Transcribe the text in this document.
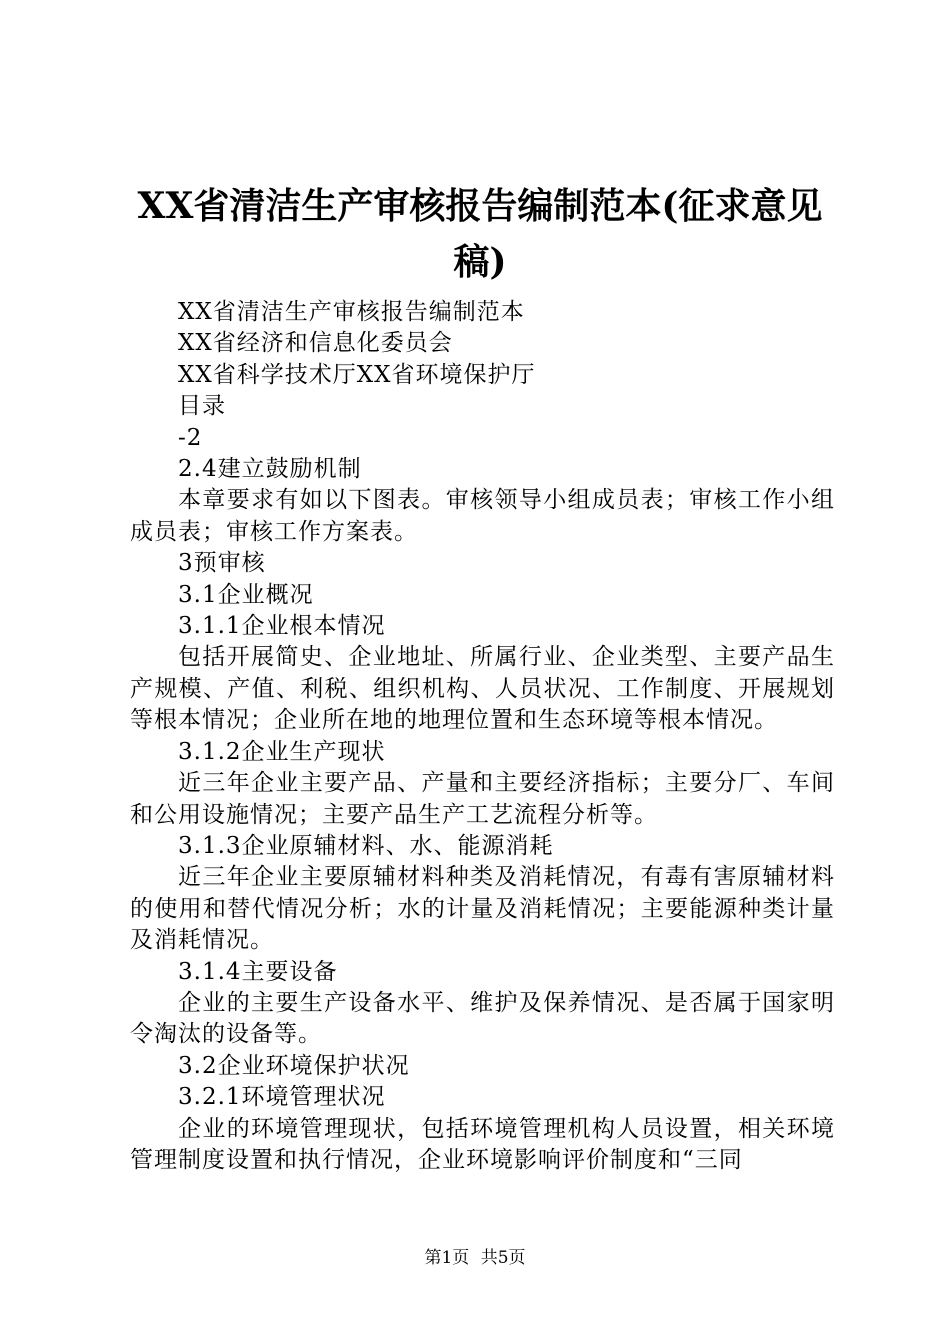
XX省清洁生产审核报告编制范本(征求意见稿)

XX省清洁生产审核报告编制范本

XX省经济和信息化委员会

XX省科学技术厅XX省环境保护厅

目录

-2

2.4建立鼓励机制

本章要求有如以下图表。审核领导小组成员表；审核工作小组成员表；审核工作方案表。

3预审核

3.1企业概况

3.1.1企业根本情况

包括开展简史、企业地址、所属行业、企业类型、主要产品生产规模、产值、利税、组织机构、人员状况、工作制度、开展规划等根本情况；企业所在地的地理位置和生态环境等根本情况。

3.1.2企业生产现状

近三年企业主要产品、产量和主要经济指标；主要分厂、车间和公用设施情况；主要产品生产工艺流程分析等。

3.1.3企业原辅材料、水、能源消耗

近三年企业主要原辅材料种类及消耗情况，有毒有害原辅材料的使用和替代情况分析；水的计量及消耗情况；主要能源种类计量及消耗情况。

3.1.4主要设备

企业的主要生产设备水平、维护及保养情况、是否属于国家明令淘汰的设备等。

3.2企业环境保护状况

3.2.1环境管理状况

企业的环境管理现状，包括环境管理机构人员设置，相关环境管理制度设置和执行情况，企业环境影响评价制度和“三同

第1页 共5页
